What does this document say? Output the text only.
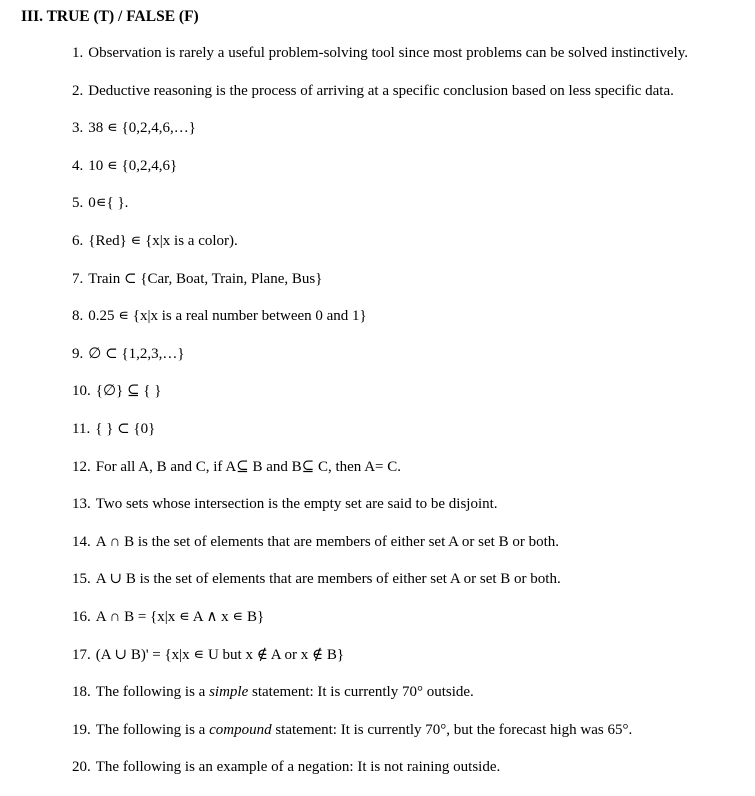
III. TRUE (T) / FALSE (F)
1. Observation is rarely a useful problem-solving tool since most problems can be solved instinctively.
2. Deductive reasoning is the process of arriving at a specific conclusion based on less specific data.
3. 38 ∊ {0,2,4,6,…}
4. 10 ∊ {0,2,4,6}
5. 0∊{ }.
6. {Red} ∊ {x|x is a color).
7. Train ⊂ {Car, Boat, Train, Plane, Bus}
8. 0.25 ∊ {x|x is a real number between 0 and 1}
9. ∅ ⊂ {1,2,3,…}
10. {∅} ⊆ { }
11. { } ⊂ {0}
12. For all A, B and C, if A⊆ B and B⊆ C, then A= C.
13. Two sets whose intersection is the empty set are said to be disjoint.
14. A ∩ B is the set of elements that are members of either set A or set B or both.
15. A ∪ B is the set of elements that are members of either set A or set B or both.
16. A ∩ B = {x|x ∊ A ∧ x ∊ B}
17. (A ∪ B)' = {x|x ∊ U but x ∉ A or x ∉ B}
18. The following is a simple statement: It is currently 70° outside.
19. The following is a compound statement: It is currently 70°, but the forecast high was 65°.
20. The following is an example of a negation: It is not raining outside.
